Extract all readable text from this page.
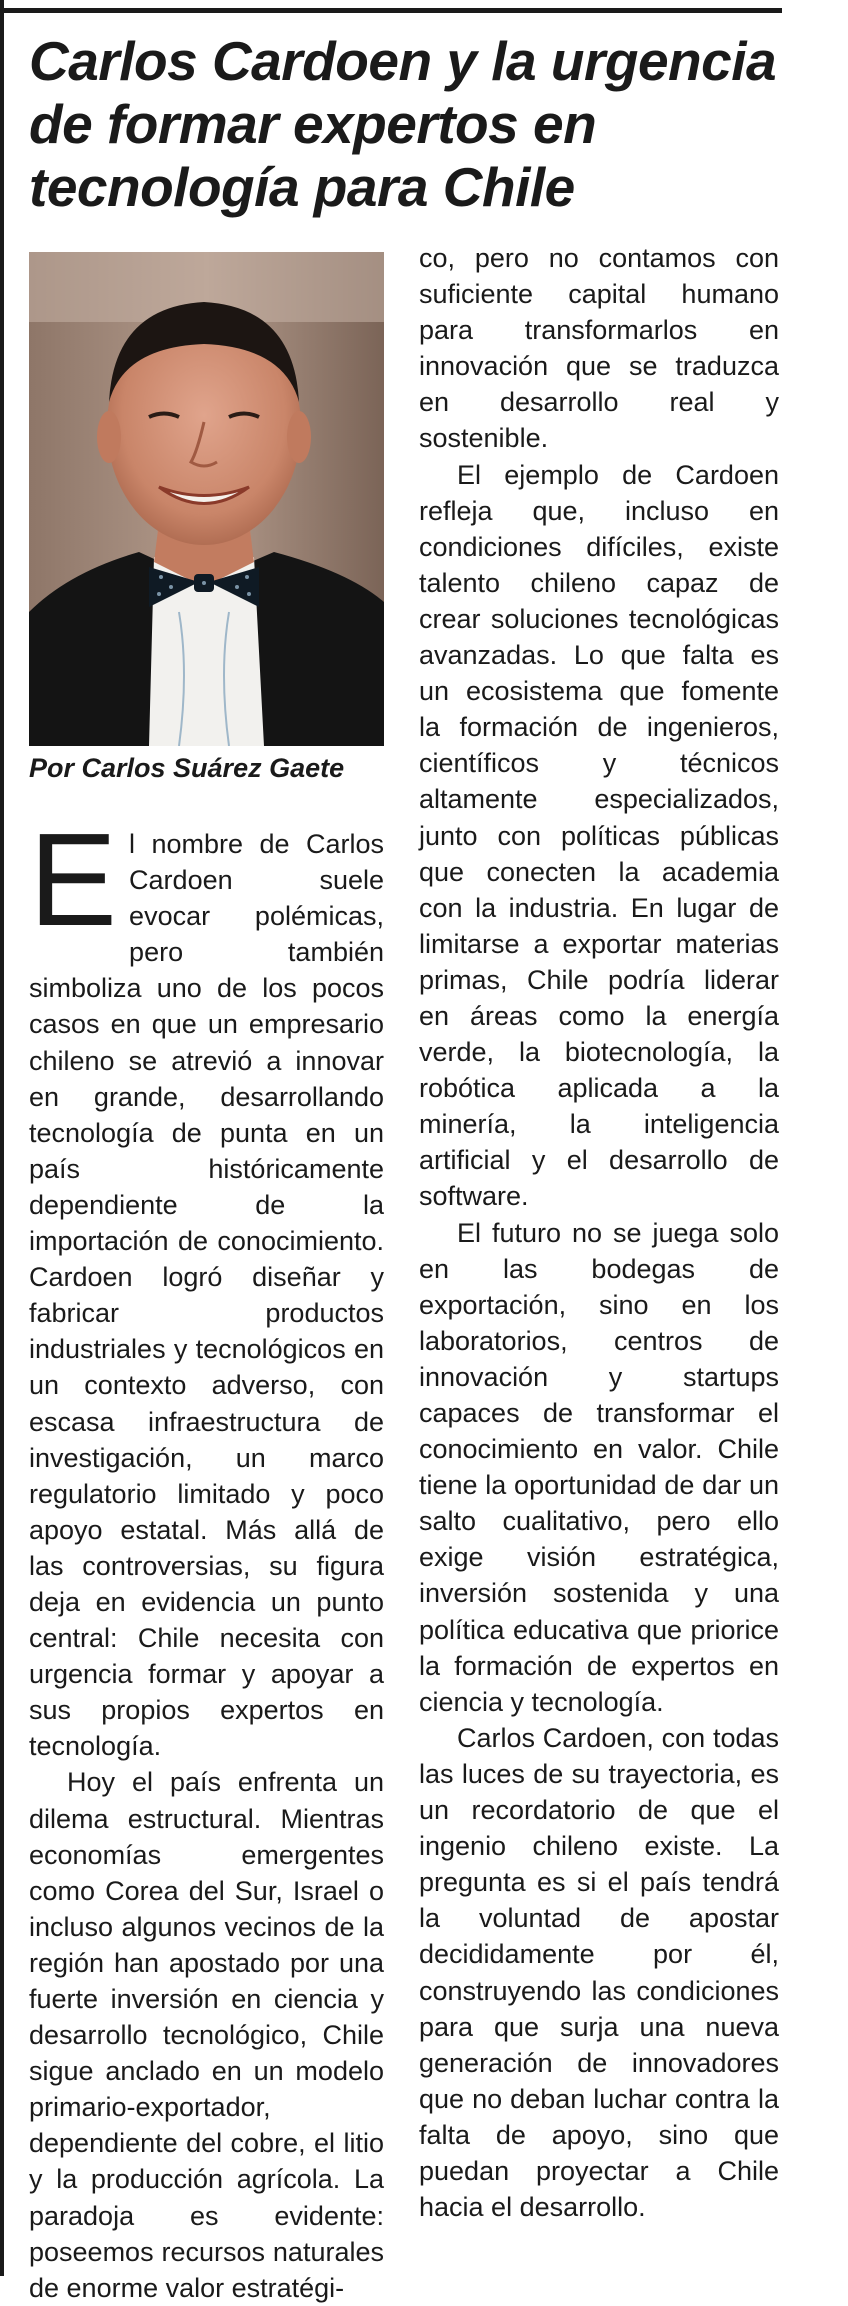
Carlos Cardoen y la urgencia de formar expertos en tecnología para Chile
Por Carlos Suárez Gaete
E l nombre de Carlos Cardoen suele evocar polémicas, pero también simboliza uno de los pocos casos en que un empresario chileno se atrevió a innovar en grande, desarrollando tecnología de punta en un país históricamente dependiente de la importación de conocimiento. Cardoen logró diseñar y fabricar productos industriales y tecnológicos en un contexto adverso, con escasa infraestructura de investigación, un marco regulatorio limitado y poco apoyo estatal. Más allá de las controversias, su figura deja en evidencia un punto central: Chile necesita con urgencia formar y apoyar a sus propios expertos en tecnología.

Hoy el país enfrenta un dilema estructural. Mientras economías emergentes como Corea del Sur, Israel o incluso algunos vecinos de la región han apostado por una fuerte inversión en ciencia y desarrollo tecnológico, Chile sigue anclado en un modelo primario-exportador, dependiente del cobre, el litio y la producción agrícola. La paradoja es evidente: poseemos recursos naturales de enorme valor estratégi-

co, pero no contamos con suficiente capital humano para transformarlos en innovación que se traduzca en desarrollo real y sostenible.

El ejemplo de Cardoen refleja que, incluso en condiciones difíciles, existe talento chileno capaz de crear soluciones tecnológicas avanzadas. Lo que falta es un ecosistema que fomente la formación de ingenieros, científicos y técnicos altamente especializados, junto con políticas públicas que conecten la academia con la industria. En lugar de limitarse a exportar materias primas, Chile podría liderar en áreas como la energía verde, la biotecnología, la robótica aplicada a la minería, la inteligencia artificial y el desarrollo de software.

El futuro no se juega solo en las bodegas de exportación, sino en los laboratorios, centros de innovación y startups capaces de transformar el conocimiento en valor. Chile tiene la oportunidad de dar un salto cualitativo, pero ello exige visión estratégica, inversión sostenida y una política educativa que priorice la formación de expertos en ciencia y tecnología.

Carlos Cardoen, con todas las luces de su trayectoria, es un recordatorio de que el ingenio chileno existe. La pregunta es si el país tendrá la voluntad de apostar decididamente por él, construyendo las condiciones para que surja una nueva generación de innovadores que no deban luchar contra la falta de apoyo, sino que puedan proyectar a Chile hacia el desarrollo.
